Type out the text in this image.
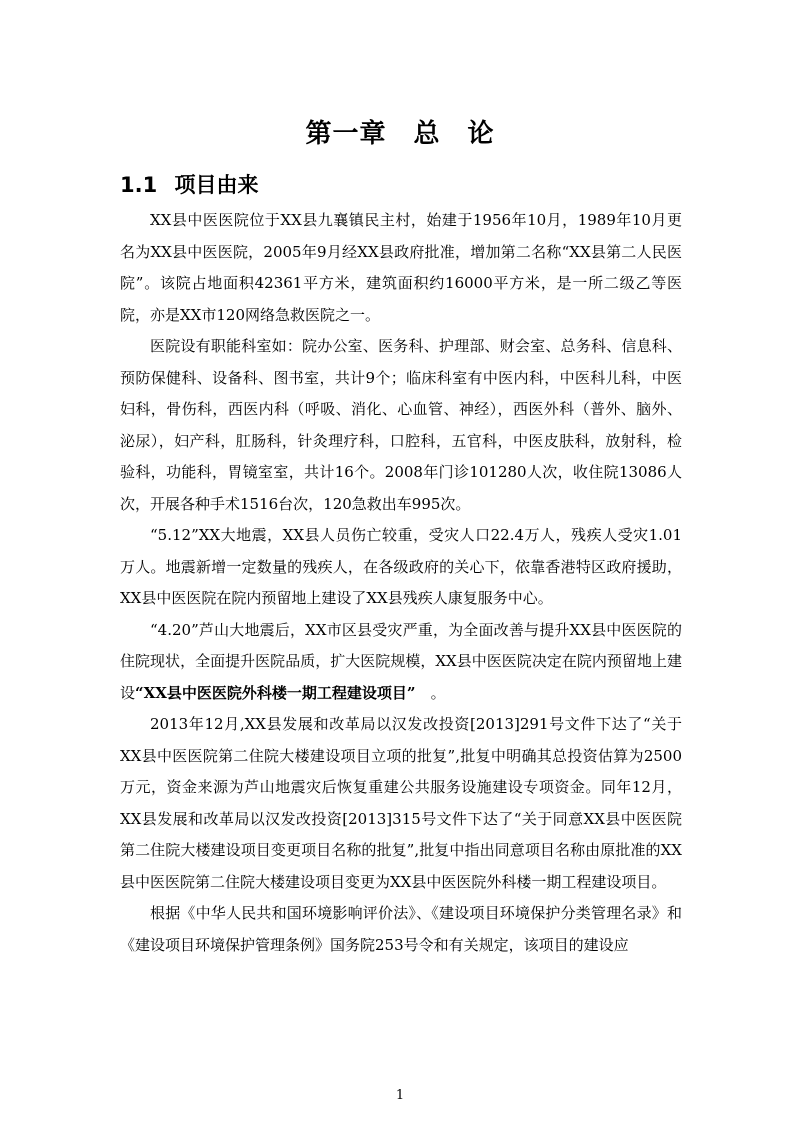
第一章　总　论
1.1 项目由来

XX县中医医院位于XX县九襄镇民主村，始建于1956年10月，1989年10月更名为XX县中医医院，2005年9月经XX县政府批准，增加第二名称“XX县第二人民医院”。该院占地面积42361平方米，建筑面积约16000平方米，是一所二级乙等医院，亦是XX市120网络急救医院之一。

医院设有职能科室如：院办公室、医务科、护理部、财会室、总务科、信息科、预防保健科、设备科、图书室，共计9个；临床科室有中医内科，中医科儿科，中医妇科，骨伤科，西医内科（呼吸、消化、心血管、神经），西医外科（普外、脑外、泌尿），妇产科，肛肠科，针灸理疗科，口腔科，五官科，中医皮肤科，放射科，检验科，功能科，胃镜室室，共计16个。2008年门诊101280人次，收住院13086人次，开展各种手术1516台次，120急救出车995次。

“5.12”XX大地震，XX县人员伤亡较重，受灾人口22.4万人，残疾人受灾1.01万人。地震新增一定数量的残疾人，在各级政府的关心下，依靠香港特区政府援助，XX县中医医院在院内预留地上建设了XX县残疾人康复服务中心。

“4.20”芦山大地震后，XX市区县受灾严重，为全面改善与提升XX县中医医院的住院现状，全面提升医院品质，扩大医院规模，XX县中医医院决定在院内预留地上建设“XX县中医医院外科楼一期工程建设项目”　。

2013年12月,XX县发展和改革局以汉发改投资[2013]291号文件下达了“关于XX县中医医院第二住院大楼建设项目立项的批复”,批复中明确其总投资估算为2500万元，资金来源为芦山地震灾后恢复重建公共服务设施建设专项资金。同年12月，XX县发展和改革局以汉发改投资[2013]315号文件下达了“关于同意XX县中医医院第二住院大楼建设项目变更项目名称的批复”,批复中指出同意项目名称由原批准的XX县中医医院第二住院大楼建设项目变更为XX县中医医院外科楼一期工程建设项目。

根据《中华人民共和国环境影响评价法》、《建设项目环境保护分类管理名录》和《建设项目环境保护管理条例》国务院253号令和有关规定，该项目的建设应

1
